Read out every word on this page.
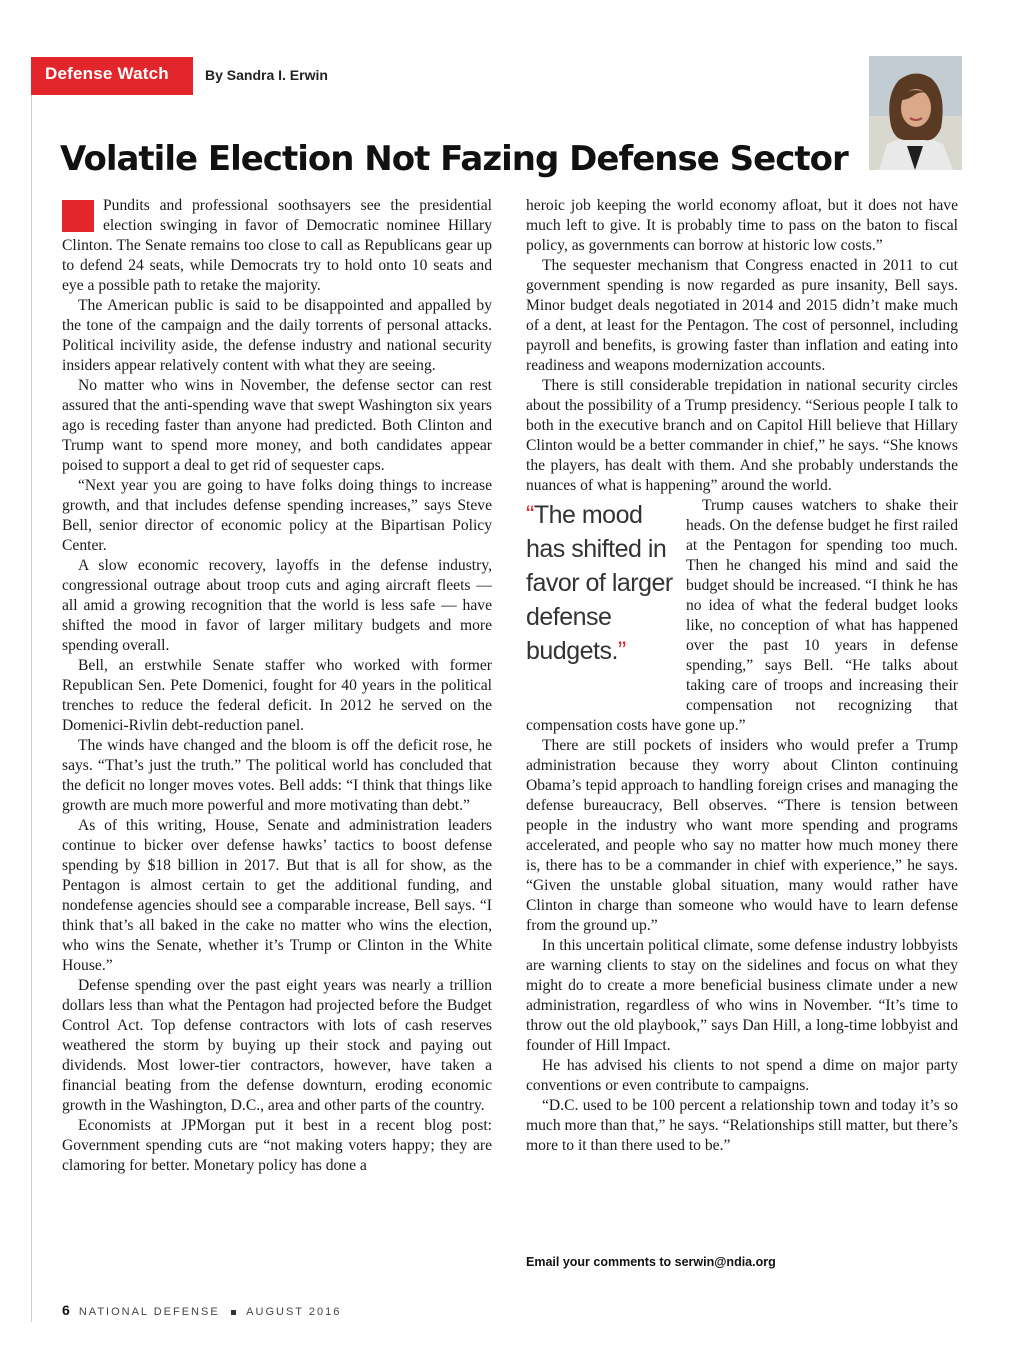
Defense Watch	By Sandra I. Erwin
Volatile Election Not Fazing Defense Sector

Pundits and professional soothsayers see the presidential election swinging in favor of Democratic nominee Hillary Clinton. The Senate remains too close to call as Republicans gear up to defend 24 seats, while Democrats try to hold onto 10 seats and eye a possible path to retake the majority.

The American public is said to be disappointed and appalled by the tone of the campaign and the daily torrents of personal attacks. Political incivility aside, the defense industry and national security insiders appear relatively content with what they are seeing.

No matter who wins in November, the defense sector can rest assured that the anti-spending wave that swept Washington six years ago is receding faster than anyone had predicted. Both Clinton and Trump want to spend more money, and both candidates appear poised to support a deal to get rid of sequester caps.

“Next year you are going to have folks doing things to increase growth, and that includes defense spending increases,” says Steve Bell, senior director of economic policy at the Bipartisan Policy Center.

A slow economic recovery, layoffs in the defense industry, congressional outrage about troop cuts and aging aircraft fleets — all amid a growing recognition that the world is less safe — have shifted the mood in favor of larger military budgets and more spending overall.

Bell, an erstwhile Senate staffer who worked with former Republican Sen. Pete Domenici, fought for 40 years in the political trenches to reduce the federal deficit. In 2012 he served on the Domenici-Rivlin debt-reduction panel.

The winds have changed and the bloom is off the deficit rose, he says. “That’s just the truth.” The political world has concluded that the deficit no longer moves votes. Bell adds: “I think that things like growth are much more powerful and more motivating than debt.”

As of this writing, House, Senate and administration leaders continue to bicker over defense hawks’ tactics to boost defense spending by $18 billion in 2017. But that is all for show, as the Pentagon is almost certain to get the additional funding, and nondefense agencies should see a comparable increase, Bell says. “I think that’s all baked in the cake no matter who wins the election, who wins the Senate, whether it’s Trump or Clinton in the White House.”

Defense spending over the past eight years was nearly a trillion dollars less than what the Pentagon had projected before the Budget Control Act. Top defense contractors with lots of cash reserves weathered the storm by buying up their stock and paying out dividends. Most lower-tier contractors, however, have taken a financial beating from the defense downturn, eroding economic growth in the Washington, D.C., area and other parts of the country.

Economists at JPMorgan put it best in a recent blog post: Government spending cuts are “not making voters happy; they are clamoring for better. Monetary policy has done a

heroic job keeping the world economy afloat, but it does not have much left to give. It is probably time to pass on the baton to fiscal policy, as governments can borrow at historic low costs.”

The sequester mechanism that Congress enacted in 2011 to cut government spending is now regarded as pure insanity, Bell says. Minor budget deals negotiated in 2014 and 2015 didn’t make much of a dent, at least for the Pentagon. The cost of personnel, including payroll and benefits, is growing faster than inflation and eating into readiness and weapons modernization accounts.

There is still considerable trepidation in national security circles about the possibility of a Trump presidency. “Serious people I talk to both in the executive branch and on Capitol Hill believe that Hillary Clinton would be a better commander in chief,” he says. “She knows the players, has dealt with them. And she probably understands the nuances of what is happening” around the world.

“The mood has shifted in favor of larger defense budgets.”

Trump causes watchers to shake their heads. On the defense budget he first railed at the Pentagon for spending too much. Then he changed his mind and said the budget should be increased. “I think he has no idea of what the federal budget looks like, no conception of what has happened over the past 10 years in defense spending,” says Bell. “He talks about taking care of troops and increasing their compensation not recognizing that compensation costs have gone up.”

There are still pockets of insiders who would prefer a Trump administration because they worry about Clinton continuing Obama’s tepid approach to handling foreign crises and managing the defense bureaucracy, Bell observes. “There is tension between people in the industry who want more spending and programs accelerated, and people who say no matter how much money there is, there has to be a commander in chief with experience,” he says. “Given the unstable global situation, many would rather have Clinton in charge than someone who would have to learn defense from the ground up.”

In this uncertain political climate, some defense industry lobbyists are warning clients to stay on the sidelines and focus on what they might do to create a more beneficial business climate under a new administration, regardless of who wins in November. “It’s time to throw out the old playbook,” says Dan Hill, a long-time lobbyist and founder of Hill Impact.

He has advised his clients to not spend a dime on major party conventions or even contribute to campaigns.

“D.C. used to be 100 percent a relationship town and today it’s so much more than that,” he says. “Relationships still matter, but there’s more to it than there used to be.”

Email your comments to serwin@ndia.org
6 NATIONAL DEFENSE AUGUST 2016
